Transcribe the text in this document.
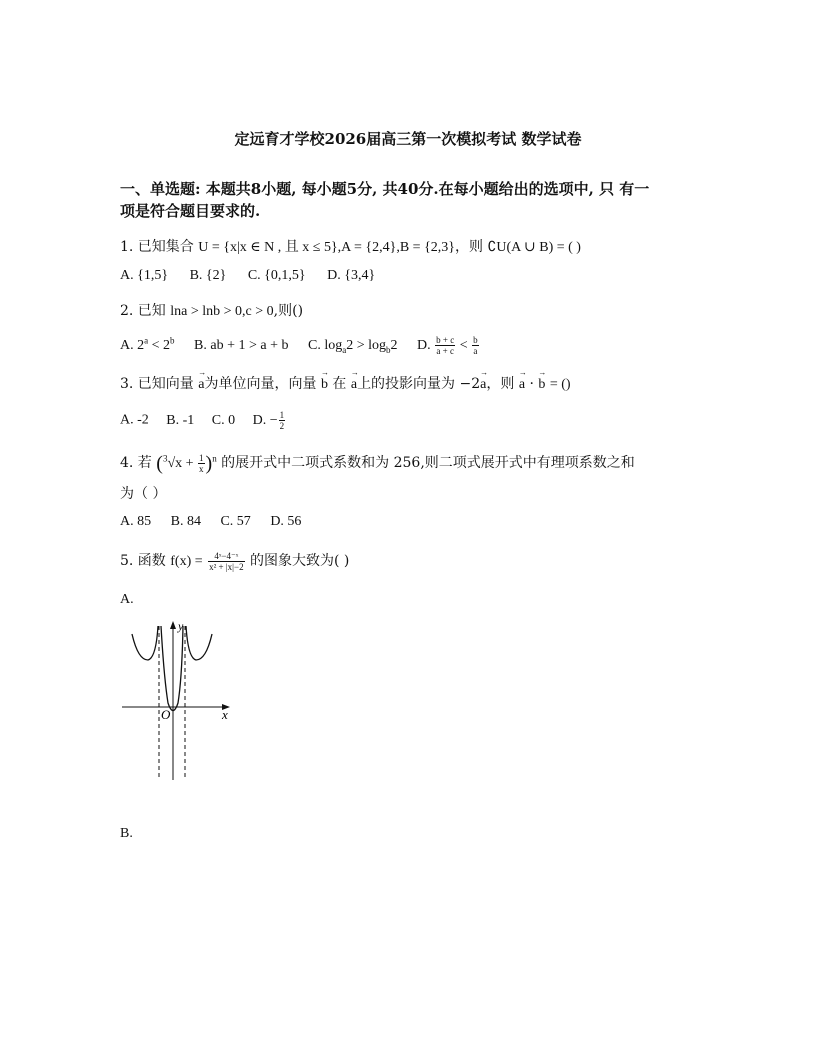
定远育才学校2026届高三第一次模拟考试 数学试卷
一、单选题: 本题共8小题, 每小题5分, 共40分.在每小题给出的选项中, 只 有一
项是符合题目要求的.
1. 已知集合 U = {x|x ∈ N , 且 x ≤ 5},A = {2,4},B = {2,3}，则 ∁U(A ∪ B) = ( )
A. {1,5} B. {2} C. {0,1,5} D. {3,4}
2. 已知 lna > lnb > 0,c > 0,则()
A. $2^a < 2^b$ B. ab + 1 > a + b C. $\log_a2 > \log_b2$ D. $\frac{b + c}{a + c} < \frac{b}{a}$
3. 已知向量 → a为单位向量，向量 → b 在 → a上的投影向量为 −2→ a，则 → a · → b = ()
A. -2 B. -1 C. 0 D. − $\frac{1}{2}$
4. 若 $(^3√x + \frac{1}{x} )^n$ 的展开式中二项式系数和为 256,则二项式展开式中有理项系数之和
为（ ）
A. 85 B. 84 C. 57 D. 56
5. 函数 $f(x) = \frac{\text{4ˣ−4⁻ˣ}}{\text{x² + |x|−2}}$ 的图象大致为( )
A.
x
y
O
B.
